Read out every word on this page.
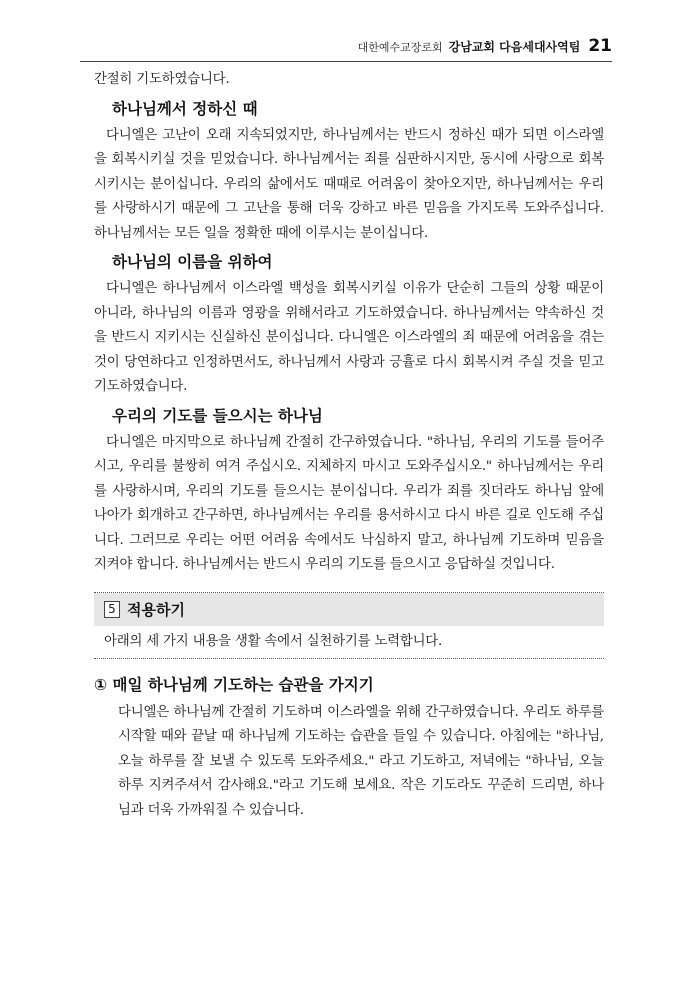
대한예수교장로회 강남교회 다음세대사역팀 21

간절히 기도하였습니다.

하나님께서 정하신 때

다니엘은 고난이 오래 지속되었지만, 하나님께서는 반드시 정하신 때가 되면 이스라엘을 회복시키실 것을 믿었습니다. 하나님께서는 죄를 심판하시지만, 동시에 사랑으로 회복시키시는 분이십니다. 우리의 삶에서도 때때로 어려움이 찾아오지만, 하나님께서는 우리를 사랑하시기 때문에 그 고난을 통해 더욱 강하고 바른 믿음을 가지도록 도와주십니다. 하나님께서는 모든 일을 정확한 때에 이루시는 분이십니다.

하나님의 이름을 위하여

다니엘은 하나님께서 이스라엘 백성을 회복시키실 이유가 단순히 그들의 상황 때문이 아니라, 하나님의 이름과 영광을 위해서라고 기도하였습니다. 하나님께서는 약속하신 것을 반드시 지키시는 신실하신 분이십니다. 다니엘은 이스라엘의 죄 때문에 어려움을 겪는 것이 당연하다고 인정하면서도, 하나님께서 사랑과 긍휼로 다시 회복시켜 주실 것을 믿고 기도하였습니다.

우리의 기도를 들으시는 하나님

다니엘은 마지막으로 하나님께 간절히 간구하였습니다. "하나님, 우리의 기도를 들어주시고, 우리를 불쌍히 여겨 주십시오. 지체하지 마시고 도와주십시오." 하나님께서는 우리를 사랑하시며, 우리의 기도를 들으시는 분이십니다. 우리가 죄를 짓더라도 하나님 앞에 나아가 회개하고 간구하면, 하나님께서는 우리를 용서하시고 다시 바른 길로 인도해 주십니다. 그러므로 우리는 어떤 어려움 속에서도 낙심하지 말고, 하나님께 기도하며 믿음을 지켜야 합니다. 하나님께서는 반드시 우리의 기도를 들으시고 응답하실 것입니다.

5 적용하기
아래의 세 가지 내용을 생활 속에서 실천하기를 노력합니다.
① 매일 하나님께 기도하는 습관을 가지기

다니엘은 하나님께 간절히 기도하며 이스라엘을 위해 간구하였습니다. 우리도 하루를 시작할 때와 끝날 때 하나님께 기도하는 습관을 들일 수 있습니다. 아침에는 "하나님, 오늘 하루를 잘 보낼 수 있도록 도와주세요." 라고 기도하고, 저녁에는 "하나님, 오늘 하루 지켜주셔서 감사해요."라고 기도해 보세요. 작은 기도라도 꾸준히 드리면, 하나님과 더욱 가까워질 수 있습니다.
